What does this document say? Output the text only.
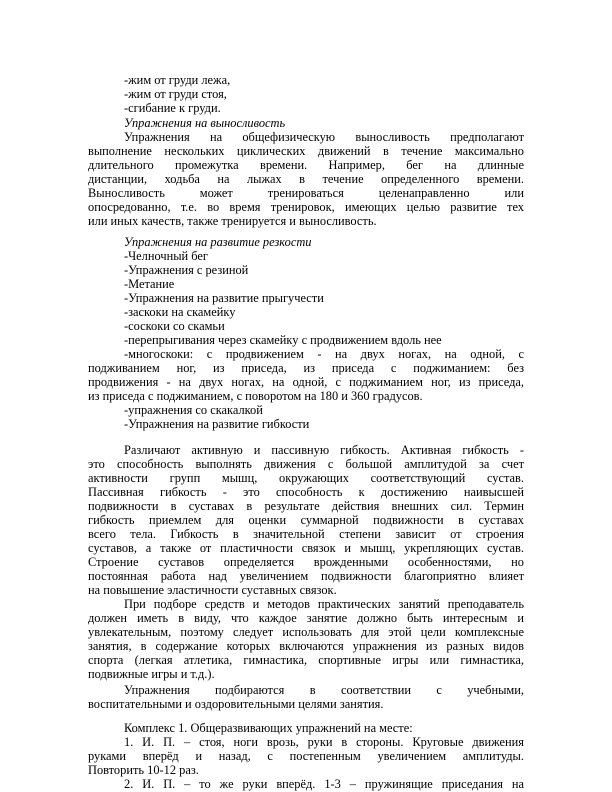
-жим от груди лежа,

-жим от груди стоя,

-сгибание к груди.

Упражнения на выносливость

Упражнения на общефизическую выносливость предполагают

выполнение нескольких циклических движений в течение максимально

длительного промежутка времени. Например, бег на длинные

дистанции, ходьба на лыжах в течение определенного времени.

Выносливость может тренироваться целенаправленно или

опосредованно, т.е. во время тренировок, имеющих целью развитие тех

или иных качеств, также тренируется и выносливость.

Упражнения на развитие резкости

-Челночный бег

-Упражнения с резиной

-Метание

-Упражнения на развитие прыгучести

-заскоки на скамейку

-соскоки со скамьи

-перепрыгивания через скамейку с продвижением вдоль нее

-многоскоки: с продвижением - на двух ногах, на одной, с

подживанием ног, из приседа, из приседа с поджиманием: без

продвижения - на двух ногах, на одной, с поджиманием ног, из приседа,

из приседа с поджиманием, с поворотом на 180 и 360 градусов.

-упражнения со скакалкой

-Упражнения на развитие гибкости

Различают активную и пассивную гибкость. Активная гибкость -

это способность выполнять движения с большой амплитудой за счет

активности групп мышц, окружающих соответствующий сустав.

Пассивная гибкость - это способность к достижению наивысшей

подвижности в суставах в результате действия внешних сил. Термин

гибкость приемлем для оценки суммарной подвижности в суставах

всего тела. Гибкость в значительной степени зависит от строения

суставов, а также от пластичности связок и мышц, укрепляющих сустав.

Строение суставов определяется врожденными особенностями, но

постоянная работа над увеличением подвижности благоприятно влияет

на повышение эластичности суставных связок.

При подборе средств и методов практических занятий преподаватель

должен иметь в виду, что каждое занятие должно быть интересным и

увлекательным, поэтому следует использовать для этой цели комплексные

занятия, в содержание которых включаются упражнения из разных видов

спорта (легкая атлетика, гимнастика, спортивные игры или гимнастика,

подвижные игры и т.д.).

Упражнения подбираются в соответствии с учебными,

воспитательными и оздоровительными целями занятия.

Комплекс 1. Общеразвивающих упражнений на месте:

1. И. П. – стоя, ноги врозь, руки в стороны. Круговые движения

руками вперёд и назад, с постепенным увеличением амплитуды.

Повторить 10-12 раз.

2. И. П. – то же руки вперёд. 1-3 – пружинящие приседания на
